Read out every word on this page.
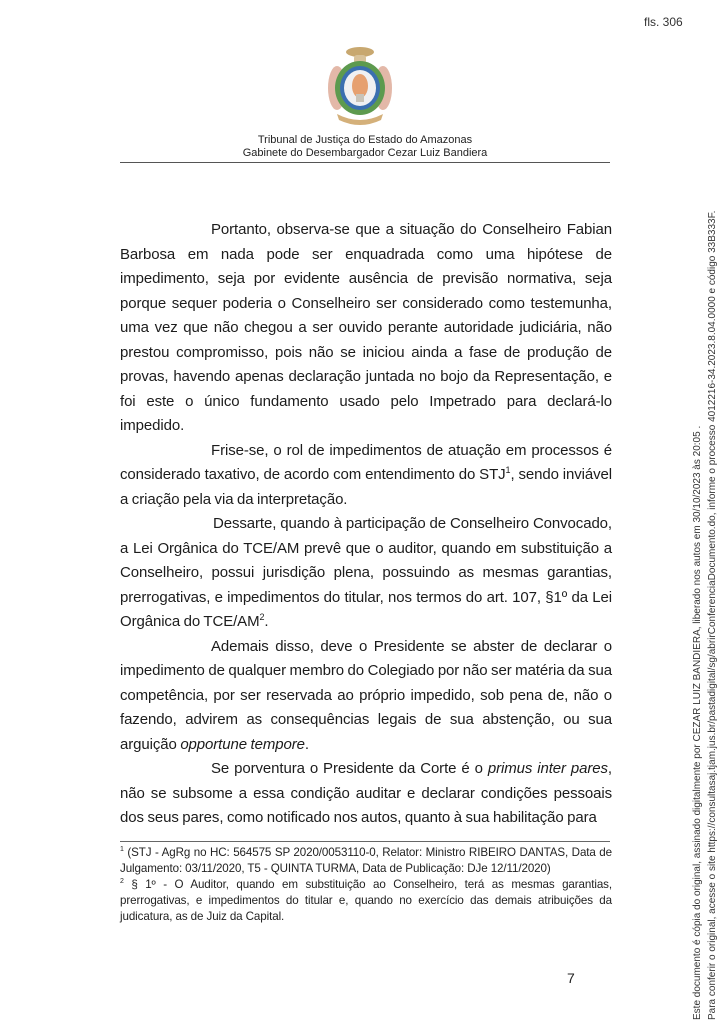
fls. 306
Tribunal de Justiça do Estado do Amazonas
Gabinete do Desembargador Cezar Luiz Bandiera

Portanto, observa-se que a situação do Conselheiro Fabian Barbosa em nada pode ser enquadrada como uma hipótese de impedimento, seja por evidente ausência de previsão normativa, seja porque sequer poderia o Conselheiro ser considerado como testemunha, uma vez que não chegou a ser ouvido perante autoridade judiciária, não prestou compromisso, pois não se iniciou ainda a fase de produção de provas, havendo apenas declaração juntada no bojo da Representação, e foi este o único fundamento usado pelo Impetrado para declará-lo impedido.

Frise-se, o rol de impedimentos de atuação em processos é considerado taxativo, de acordo com entendimento do STJ$^1$, sendo inviável a criação pela via da interpretação.

Dessarte, quando à participação de Conselheiro Convocado, a Lei Orgânica do TCE/AM prevê que o auditor, quando em substituição a Conselheiro, possui jurisdição plena, possuindo as mesmas garantias, prerrogativas, e impedimentos do titular, nos termos do art. 107, §1º da Lei Orgânica do TCE/$AM^2$.

Ademais disso, deve o Presidente se abster de declarar o impedimento de qualquer membro do Colegiado por não ser matéria da sua competência, por ser reservada ao próprio impedido, sob pena de, não o fazendo, advirem as consequências legais de sua abstenção, ou sua arguição opportune tempore.

Se porventura o Presidente da Corte é o primus inter pares, não se subsome a essa condição auditar e declarar condições pessoais dos seus pares, como notificado nos autos, quanto à sua habilitação para

$^1$ (STJ - AgRg no HC: 564575 SP 2020/0053110-0, Relator: Ministro RIBEIRO DANTAS, Data de Julgamento: 03/11/2020, T5 - QUINTA TURMA, Data de Publicação: DJe 12/11/2020)

$^2$ § 1º - O Auditor, quando em substituição ao Conselheiro, terá as mesmas garantias, prerrogativas, e impedimentos do titular e, quando no exercício das demais atribuições da judicatura, as de Juiz da Capital.

7	Este documento é cópia do original, assinado digitalmente por CEZAR LUIZ BANDIERA, liberado nos autos em 30/10/2023 às 20:05 . Para conferir o original, acesse o site https://consultasaj.tjam.jus.br/pastadigital/sg/abrirConferenciaDocumento.do, informe o processo 4012216-34.2023.8.04.0000 e código 33B333F.
